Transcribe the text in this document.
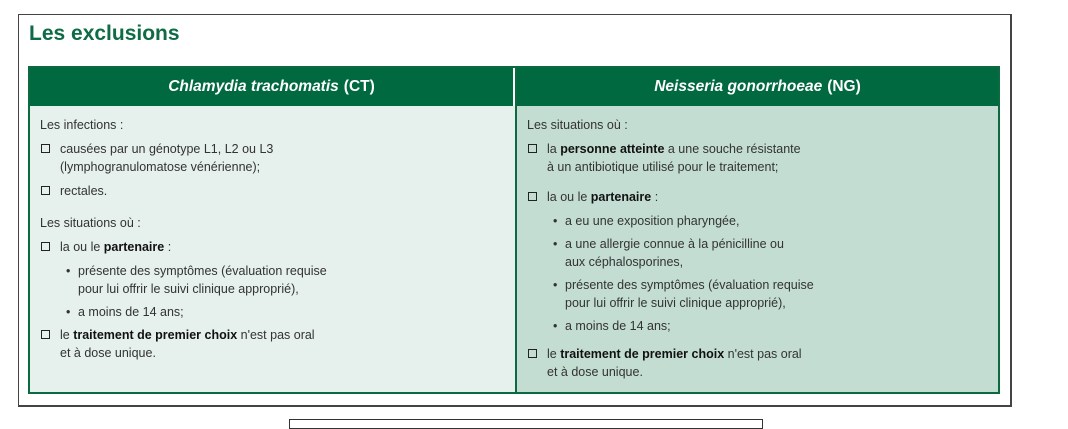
Les exclusions
Chlamydia trachomatis (CT)
Les infections :
causées par un génotype L1, L2 ou L3
(lymphogranulomatose vénérienne);
rectales.
Les situations où :
la ou le partenaire :
• présente des symptômes (évaluation requise
pour lui offrir le suivi clinique approprié),
• a moins de 14 ans;
le traitement de premier choix n'est pas oral
et à dose unique.
Neisseria gonorrhoeae (NG)
Les situations où :
la personne atteinte a une souche résistante
à un antibiotique utilisé pour le traitement;
la ou le partenaire :
• a eu une exposition pharyngée,
• a une allergie connue à la pénicilline ou
aux céphalosporines,
• présente des symptômes (évaluation requise
pour lui offrir le suivi clinique approprié),
• a moins de 14 ans;
le traitement de premier choix n'est pas oral
et à dose unique.
